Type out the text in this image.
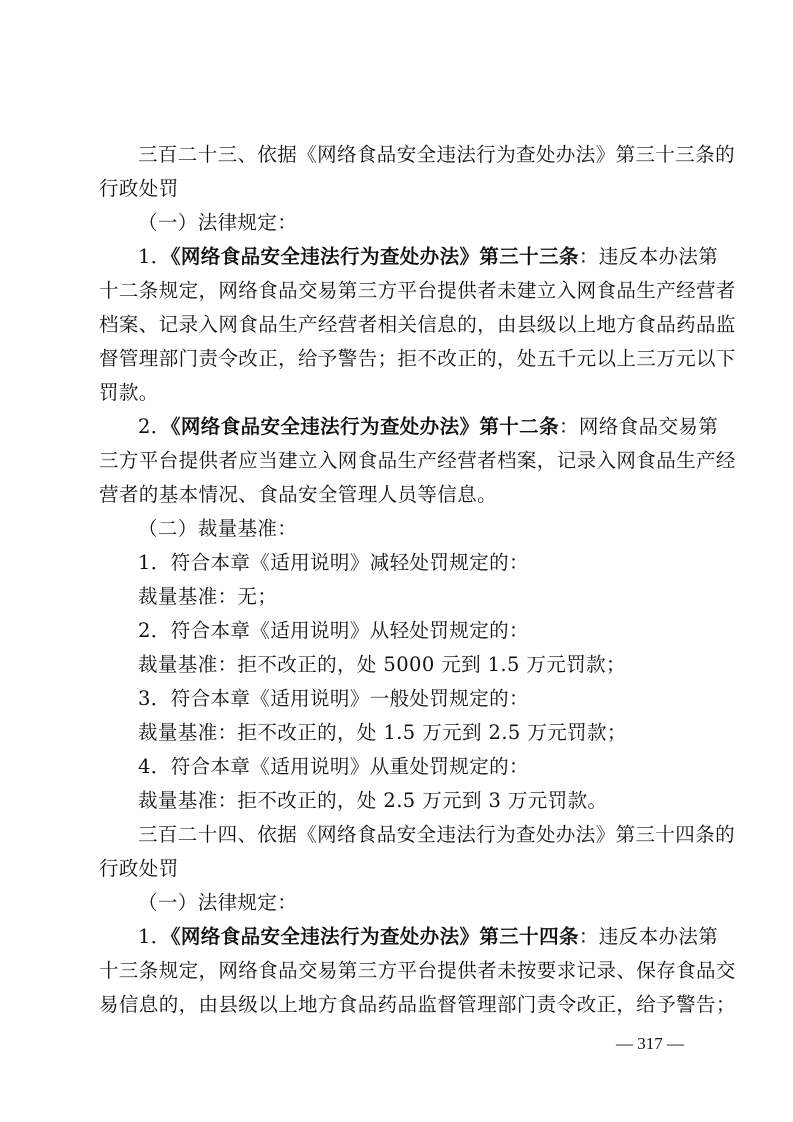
三百二十三、依据《网络食品安全违法行为查处办法》第三十三条的
行政处罚
（一）法律规定：
1．《网络食品安全违法行为查处办法》第三十三条：违反本办法第
十二条规定，网络食品交易第三方平台提供者未建立入网食品生产经营者
档案、记录入网食品生产经营者相关信息的，由县级以上地方食品药品监
督管理部门责令改正，给予警告；拒不改正的，处五千元以上三万元以下
罚款。
2．《网络食品安全违法行为查处办法》第十二条：网络食品交易第
三方平台提供者应当建立入网食品生产经营者档案，记录入网食品生产经
营者的基本情况、食品安全管理人员等信息。
（二）裁量基准：
1．符合本章《适用说明》减轻处罚规定的：
裁量基准：无；
2．符合本章《适用说明》从轻处罚规定的：
裁量基准：拒不改正的，处 5000 元到 1.5 万元罚款；
3．符合本章《适用说明》一般处罚规定的：
裁量基准：拒不改正的，处 1.5 万元到 2.5 万元罚款；
4．符合本章《适用说明》从重处罚规定的：
裁量基准：拒不改正的，处 2.5 万元到 3 万元罚款。
三百二十四、依据《网络食品安全违法行为查处办法》第三十四条的
行政处罚
（一）法律规定：
1．《网络食品安全违法行为查处办法》第三十四条：违反本办法第
十三条规定，网络食品交易第三方平台提供者未按要求记录、保存食品交
易信息的，由县级以上地方食品药品监督管理部门责令改正，给予警告；
— 317 —
